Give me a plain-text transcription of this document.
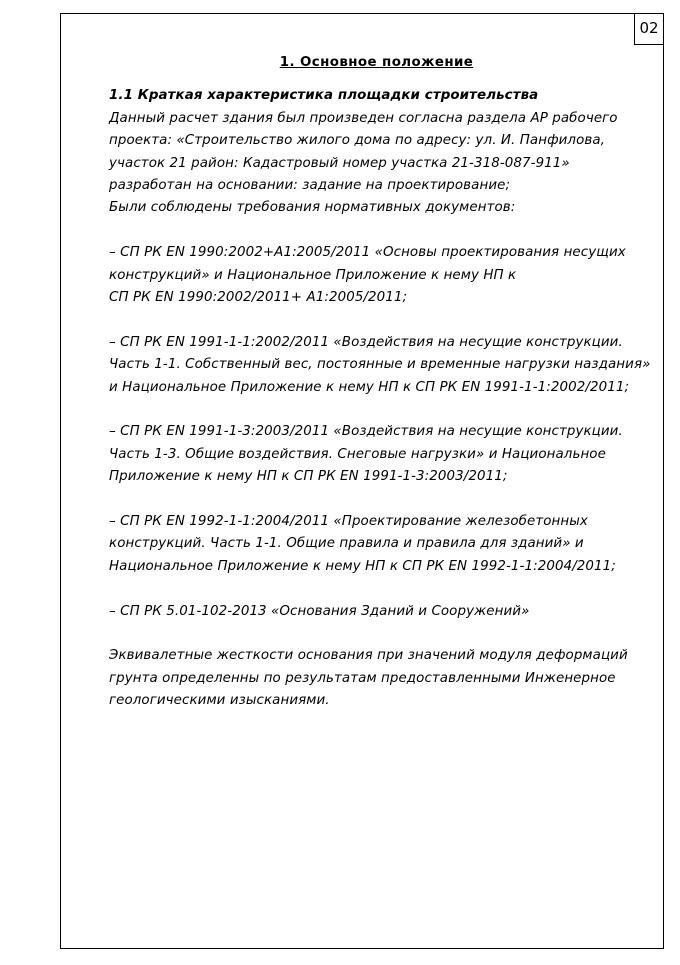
02
1. Основное положение
1.1 Краткая характеристика площадки строительства
Данный расчет здания был произведен согласна раздела АР рабочего
проекта: «Строительство жилого дома по адресу: ул. И. Панфилова,
участок 21 район: Кадастровый номер участка 21-318-087-911»
разработан на основании: задание на проектирование;
Были соблюдены требования нормативных документов:
– СП РК EN 1990:2002+A1:2005/2011 «Основы проектирования несущих
конструкций» и Национальное Приложение к нему НП к
СП РК EN 1990:2002/2011+ A1:2005/2011;
– СП РК EN 1991-1-1:2002/2011 «Воздействия на несущие конструкции.
Часть 1-1. Собственный вес, постоянные и временные нагрузки наздания»
и Национальное Приложение к нему НП к СП РК EN 1991-1-1:2002/2011;
– СП РК EN 1991-1-3:2003/2011 «Воздействия на несущие конструкции.
Часть 1-3. Общие воздействия. Снеговые нагрузки» и Национальное
Приложение к нему НП к СП РК EN 1991-1-3:2003/2011;
– СП РК EN 1992-1-1:2004/2011 «Проектирование железобетонных
конструкций. Часть 1-1. Общие правила и правила для зданий» и
Национальное Приложение к нему НП к СП РК EN 1992-1-1:2004/2011;
– СП РК 5.01-102-2013 «Основания Зданий и Сооружений»
Эквивалетные жесткости основания при значений модуля деформаций
грунта определенны по результатам предоставленными Инженерное
геологическими изысканиями.
